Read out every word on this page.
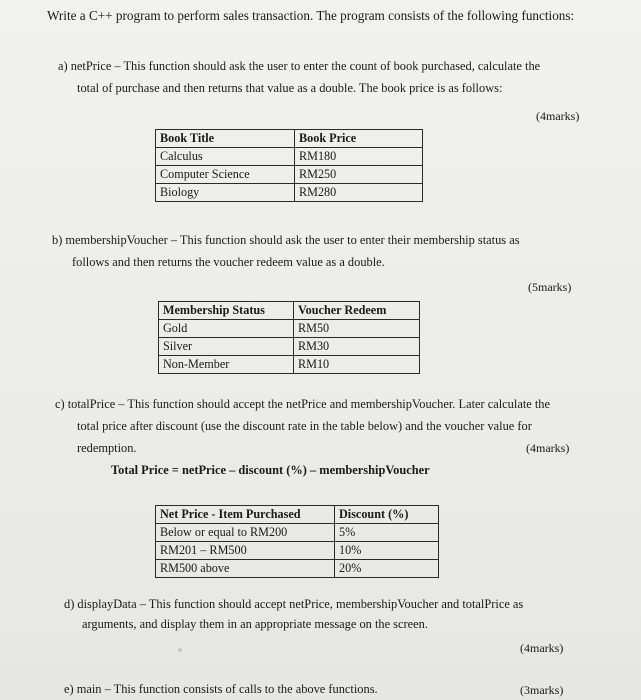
Write a C++ program to perform sales transaction. The program consists of the following functions:
a) netPrice – This function should ask the user to enter the count of book purchased, calculate the
total of purchase and then returns that value as a double. The book price is as follows:
(4marks)
Book Title	Book Price
Calculus	RM180
Computer Science	RM250
Biology	RM280
b) membershipVoucher – This function should ask the user to enter their membership status as
follows and then returns the voucher redeem value as a double.
(5marks)
Membership Status	Voucher Redeem
Gold	RM50
Silver	RM30
Non-Member	RM10
c) totalPrice – This function should accept the netPrice and membershipVoucher. Later calculate the
total price after discount (use the discount rate in the table below) and the voucher value for
redemption.	(4marks)
Total Price = netPrice – discount (%) – membershipVoucher
Net Price - Item Purchased	Discount (%)
Below or equal to RM200	5%
RM201 – RM500	10%
RM500 above	20%
d) displayData – This function should accept netPrice, membershipVoucher and totalPrice as
arguments, and display them in an appropriate message on the screen.
(4marks)
e) main – This function consists of calls to the above functions.	(3marks)
